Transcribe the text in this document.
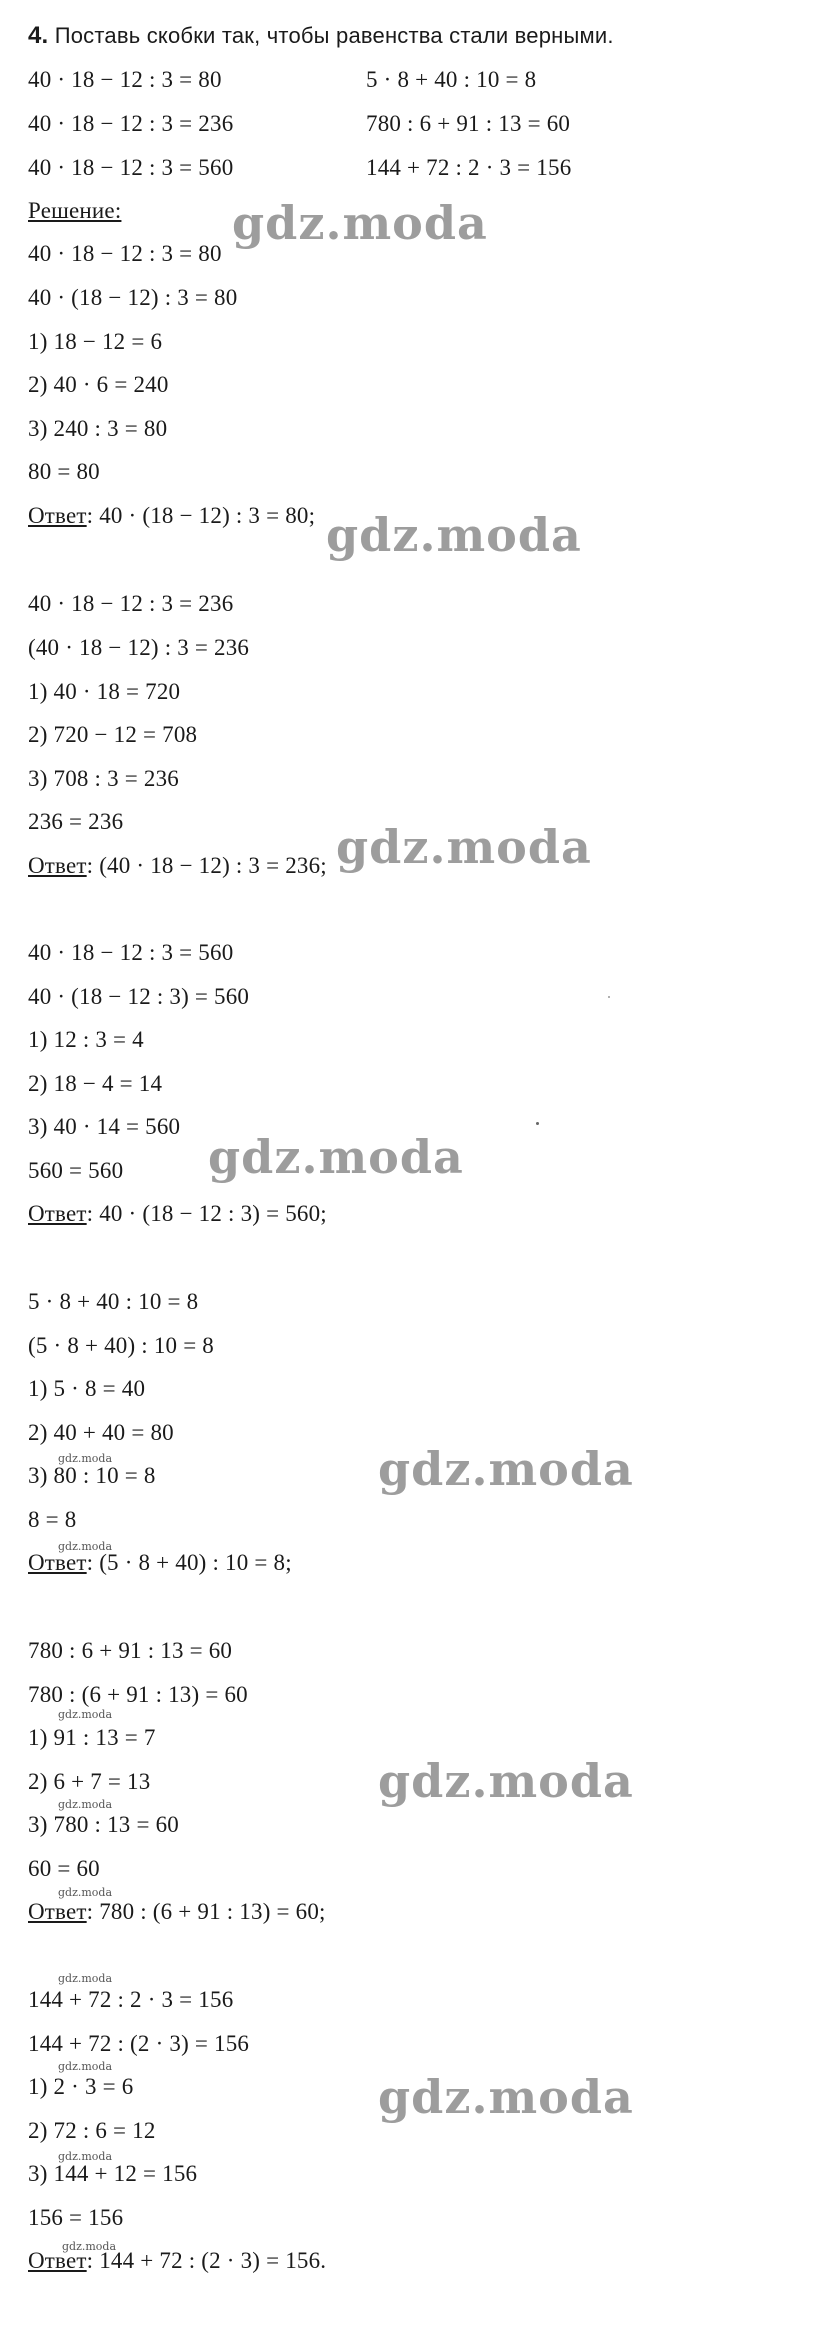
4. Поставь скобки так, чтобы равенства стали верными.
40 · 18 − 12 : 3 = 80
40 · 18 − 12 : 3 = 236
40 · 18 − 12 : 3 = 560
5 · 8 + 40 : 10 = 8
780 : 6 + 91 : 13 = 60
144 + 72 : 2 · 3 = 156
Решение:
40 · 18 − 12 : 3 = 80
40 · (18 − 12) : 3 = 80
1) 18 − 12 = 6
2) 40 · 6 = 240
3) 240 : 3 = 80
80 = 80
Ответ: 40 · (18 − 12) : 3 = 80;
40 · 18 − 12 : 3 = 236
(40 · 18 − 12) : 3 = 236
1) 40 · 18 = 720
2) 720 − 12 = 708
3) 708 : 3 = 236
236 = 236
Ответ: (40 · 18 − 12) : 3 = 236;
40 · 18 − 12 : 3 = 560
40 · (18 − 12 : 3) = 560
1) 12 : 3 = 4
2) 18 − 4 = 14
3) 40 · 14 = 560
560 = 560
Ответ: 40 · (18 − 12 : 3) = 560;
5 · 8 + 40 : 10 = 8
(5 · 8 + 40) : 10 = 8
1) 5 · 8 = 40
2) 40 + 40 = 80
3) 80 : 10 = 8
8 = 8
Ответ: (5 · 8 + 40) : 10 = 8;
780 : 6 + 91 : 13 = 60
780 : (6 + 91 : 13) = 60
1) 91 : 13 = 7
2) 6 + 7 = 13
3) 780 : 13 = 60
60 = 60
Ответ: 780 : (6 + 91 : 13) = 60;
144 + 72 : 2 · 3 = 156
144 + 72 : (2 · 3) = 156
1) 2 · 3 = 6
2) 72 : 6 = 12
3) 144 + 12 = 156
156 = 156
Ответ: 144 + 72 : (2 · 3) = 156.
gdz.moda
gdz.moda
gdz.moda
gdz.moda
gdz.moda
gdz.moda
gdz.moda
gdz.moda
gdz.moda
gdz.moda
gdz.moda
gdz.moda
gdz.moda
gdz.moda
gdz.moda
gdz.moda
